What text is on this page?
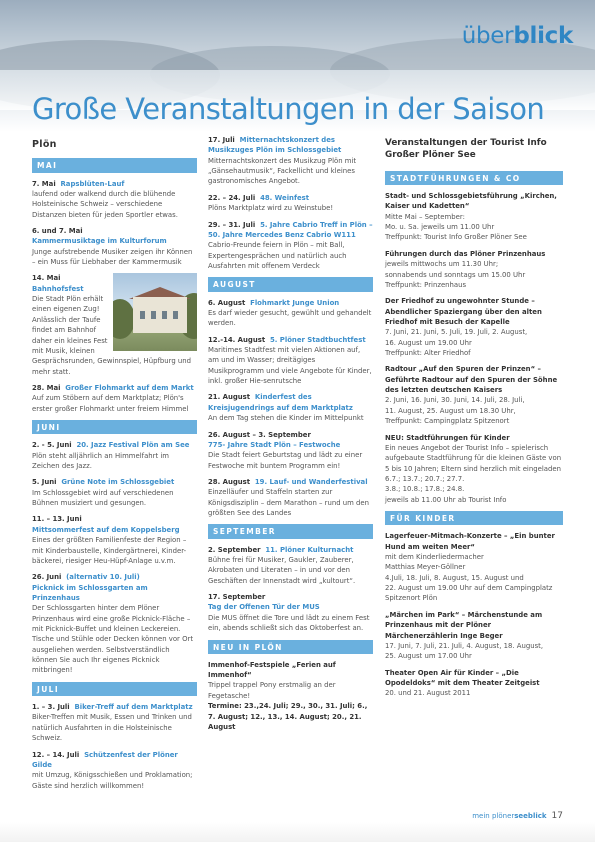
überblick
Große Veranstaltungen in der Saison
Plön
MAI
7. Mai Rapsblüten-Lauf

laufend oder walkend durch die blühende Holsteinische Schweiz – verschiedene Distanzen bieten für jeden Sportler etwas.

6. und 7. Mai
Kammermusiktage im Kulturforum

Junge aufstrebende Musiker zeigen ihr Können – ein Muss für Liebhaber der Kammermusik

14. Mai  Bahnhofsfest

Die Stadt Plön erhält einen eigenen Zug! Anlässlich der Taufe findet am Bahnhof daher ein kleines Fest mit Musik, kleinen Gesprächsrunden, Gewinnspiel, Hüpfburg und mehr statt.

28. Mai Großer Flohmarkt auf dem Markt

Auf zum Stöbern auf dem Marktplatz; Plön's erster großer Flohmarkt unter freiem Himmel

JUNI
2. - 5. Juni 20. Jazz Festival Plön am See

Plön steht alljährlich an Himmelfahrt im Zeichen des Jazz.

5. Juni Grüne Note im Schlossgebiet

Im Schlossgebiet wird auf verschiedenen Bühnen musiziert und gesungen.

11. – 13. Juni
Mittsommerfest auf dem Koppelsberg

Eines der größten Familienfeste der Region – mit Kinderbaustelle, Kindergärtnerei, Kinder-bäckerei, riesiger Heu-Hüpf-Anlage u.v.m.

26. Juni (alternativ 10. Juli)
Picknick im Schlossgarten am Prinzenhaus

Der Schlossgarten hinter dem Plöner Prinzenhaus wird eine große Picknick-Fläche – mit Picknick-Buffet und kleinen Leckereien. Tische und Stühle oder Decken können vor Ort ausgeliehen werden. Selbstverständlich können Sie auch Ihr eigenes Picknick mitbringen!

JULI
1. – 3. Juli Biker-Treff auf dem Marktplatz

Biker-Treffen mit Musik, Essen und Trinken und natürlich Ausfahrten in die Holsteinische Schweiz.

12. – 14. Juli Schützenfest der Plöner Gilde

mit Umzug, Königsschießen und Proklamation; Gäste sind herzlich willkommen!

17. Juli Mitternachtskonzert des Musikzuges Plön im Schlossgebiet

Mitternachtskonzert des Musikzug Plön mit „Gänsehautmusik“, Fackellicht und kleines gastronomisches Angebot.

22. – 24. Juli 48. Weinfest

Plöns Marktplatz wird zu Weinstube!

29. – 31. Juli 5. Jahre Cabrio Treff in Plön –50. Jahre Mercedes Benz Cabrio W111

Cabrio-Freunde feiern in Plön – mit Ball, Expertengesprächen und natürlich auch Ausfahrten mit offenem Verdeck

AUGUST
6. August Flohmarkt Junge Union

Es darf wieder gesucht, gewühlt und gehandelt werden.

12.-14. August 5. Plöner Stadtbuchtfest

Maritimes Stadtfest mit vielen Aktionen auf, am und im Wasser; dreitägiges Musikprogramm und viele Angebote für Kinder, inkl. großer Hie-senrutsche

21. August Kinderfest des Kreisjugendrings auf dem Marktplatz

An dem Tag stehen die Kinder im Mittelpunkt

26. August – 3. September
775- Jahre Stadt Plön – Festwoche

Die Stadt feiert Geburtstag und lädt zu einer Festwoche mit buntem Programm ein!

28. August 19. Lauf- und Wanderfestival

Einzelläufer und Staffeln starten zur Königsdisziplin – dem Marathon – rund um den größten See des Landes

SEPTEMBER
2. September 11. Plöner Kulturnacht

Bühne frei für Musiker, Gaukler, Zauberer, Akrobaten und Literaten – in und vor den Geschäften der Innenstadt wird „kultourt“.

17. September
Tag der Offenen Tür der MUS

Die MUS öffnet die Tore und lädt zu einem Fest ein, abends schließt sich das Oktoberfest an.

NEU IN PLÖN
Immenhof-Festspiele „Ferien auf Immenhof“

Trippel trappel Pony erstmalig an der Fegetasche!

Termine: 23.,24. Juli; 29., 30., 31. Juli; 6., 7. August; 12., 13., 14. August; 20., 21. August
Veranstaltungen der Tourist Info Großer Plöner See
STADTFÜHRUNGEN & CO
Stadt- und Schlossgebietsführung „Kirchen, Kaiser und Kadetten“

Mitte Mai – September:

Mo. u. Sa. jeweils um 11.00 Uhr

Treffpunkt: Tourist Info Großer Plöner See

Führungen durch das Plöner Prinzenhaus

jeweils mittwochs um 11.30 Uhr;

sonnabends und sonntags um 15.00 Uhr

Treffpunkt: Prinzenhaus

Der Friedhof zu ungewohnter Stunde – Abendlicher Spaziergang über den alten Friedhof mit Besuch der Kapelle

7. Juni, 21. Juni, 5. Juli, 19. Juli, 2. August,

16. August um 19.00 Uhr

Treffpunkt: Alter Friedhof

Radtour „Auf den Spuren der Prinzen“ – Geführte Radtour auf den Spuren der Söhne des letzten deutschen Kaisers

2. Juni, 16. Juni, 30. Juni, 14. Juli, 28. Juli,

11. August, 25. August um 18.30 Uhr,

Treffpunkt: Campingplatz Spitzenort

NEU: Stadtführungen für Kinder

Ein neues Angebot der Tourist Info – spielerisch aufgebaute Stadtführung für die kleinen Gäste von 5 bis 10 Jahren; Eltern sind herzlich mit eingeladen

6.7.; 13.7.; 20.7.; 27.7.

3.8.; 10.8.; 17.8.; 24.8.

jeweils ab 11.00 Uhr ab Tourist Info

FÜR KINDER
Lagerfeuer-Mitmach-Konzerte – „Ein bunter Hund am weiten Meer“

mit dem Kinderliedermacher

Matthias Meyer-Göllner

4.Juli, 18. Juli, 8. August, 15. August und

22. August um 19.00 Uhr auf dem Campingplatz

Spitzenort Plön

„Märchen im Park“ – Märchenstunde am Prinzenhaus mit der Plöner Märchenerzählerin Inge Beger

17. Juni, 7. Juli, 21. Juli, 4. August, 18. August,

25. August um 17.00 Uhr

Theater Open Air für Kinder – „Die Opodeldoks“ mit dem Theater Zeitgeist

20. und 21. August 2011

mein plönerseeblick 17
